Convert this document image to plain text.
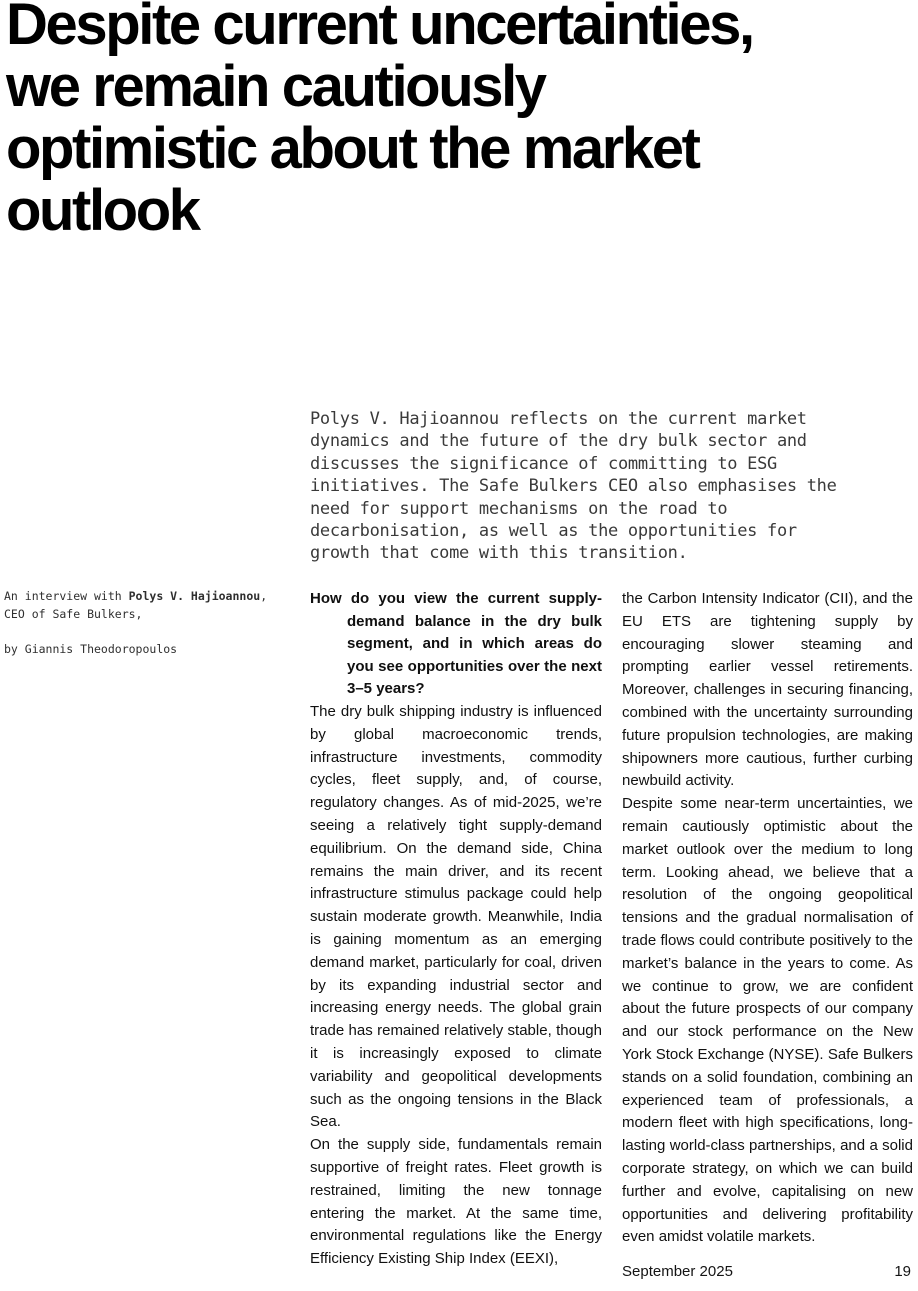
Despite current uncertainties,
we remain cautiously
optimistic about the market
outlook

Polys V. Hajioannou reflects on the current market dynamics and the future of the dry bulk sector and discusses the significance of committing to ESG initiatives. The Safe Bulkers CEO also emphasises the need for support mechanisms on the road to decarbonisation, as well as the opportunities for growth that come with this transition.

An interview with Polys V. Hajioannou,
CEO of Safe Bulkers,
by Giannis Theodoropoulos

How do you view the current supply-demand balance in the dry bulk segment, and in which areas do you see opportunities over the next 3–5 years?

The dry bulk shipping industry is influenced by global macroeconomic trends, infrastructure investments, commodity cycles, fleet supply, and, of course, regulatory changes. As of mid-2025, we’re seeing a relatively tight supply-demand equilibrium. On the demand side, China remains the main driver, and its recent infrastructure stimulus package could help sustain moderate growth. Meanwhile, India is gaining momentum as an emerging demand market, particularly for coal, driven by its expanding industrial sector and increasing energy needs. The global grain trade has remained relatively stable, though it is increasingly exposed to climate variability and geopolitical developments such as the ongoing tensions in the Black Sea.

On the supply side, fundamentals remain supportive of freight rates. Fleet growth is restrained, limiting the new tonnage entering the market. At the same time, environmental regulations like the Energy Efficiency Existing Ship Index (EEXI),

the Carbon Intensity Indicator (CII), and the EU ETS are tightening supply by encouraging slower steaming and prompting earlier vessel retirements. Moreover, challenges in securing financing, combined with the uncertainty surrounding future propulsion technologies, are making shipowners more cautious, further curbing newbuild activity.

Despite some near-term uncertainties, we remain cautiously optimistic about the market outlook over the medium to long term. Looking ahead, we believe that a resolution of the ongoing geopolitical tensions and the gradual normalisation of trade flows could contribute positively to the market’s balance in the years to come. As we continue to grow, we are confident about the future prospects of our company and our stock performance on the New York Stock Exchange (NYSE). Safe Bulkers stands on a solid foundation, combining an experienced team of professionals, a modern fleet with high specifications, long-lasting world-class partnerships, and a solid corporate strategy, on which we can build further and evolve, capitalising on new opportunities and delivering profitability even amidst volatile markets.

September 2025	19
